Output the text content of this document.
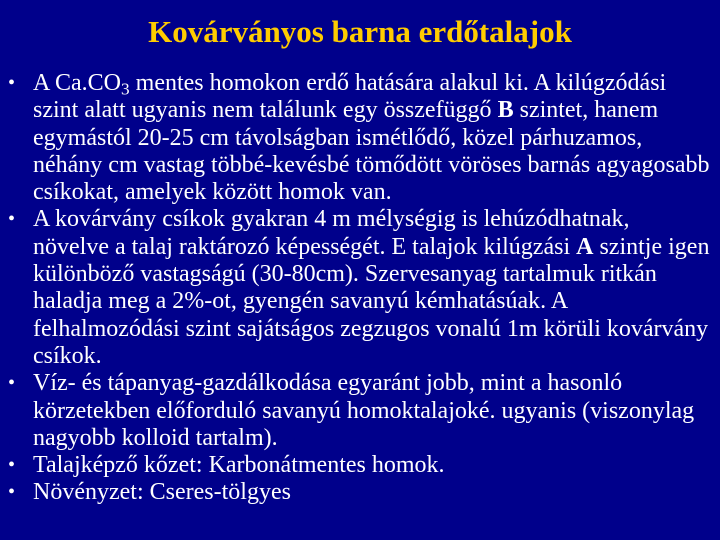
Kovárványos barna erdőtalajok
• A $Ca.CO_3$ mentes homokon erdő hatására alakul ki. A kilúgzódási szint alatt ugyanis nem találunk egy összefüggő B szintet, hanem egymástól 20-25 cm távolságban ismétlődő, közel párhuzamos, néhány cm vastag többé-kevésbé tömődött vöröses barnás agyagosabb csíkokat, amelyek között homok van.
• A kovárvány csíkok gyakran 4 m mélységig is lehúzódhatnak, növelve a talaj raktározó képességét. E talajok kilúgzási A szintje igen különböző vastagságú (30-80cm). Szervesanyag tartalmuk ritkán haladja meg a 2%-ot, gyengén savanyú kémhatásúak. A felhalmozódási szint sajátságos zegzugos vonalú 1m körüli kovárvány csíkok.
• Víz- és tápanyag-gazdálkodása egyaránt jobb, mint a hasonló körzetekben előforduló savanyú homoktalajoké. ugyanis (viszonylag nagyobb kolloid tartalm).
• Talajképző kőzet: Karbonátmentes homok.
• Növényzet: Cseres-tölgyes
